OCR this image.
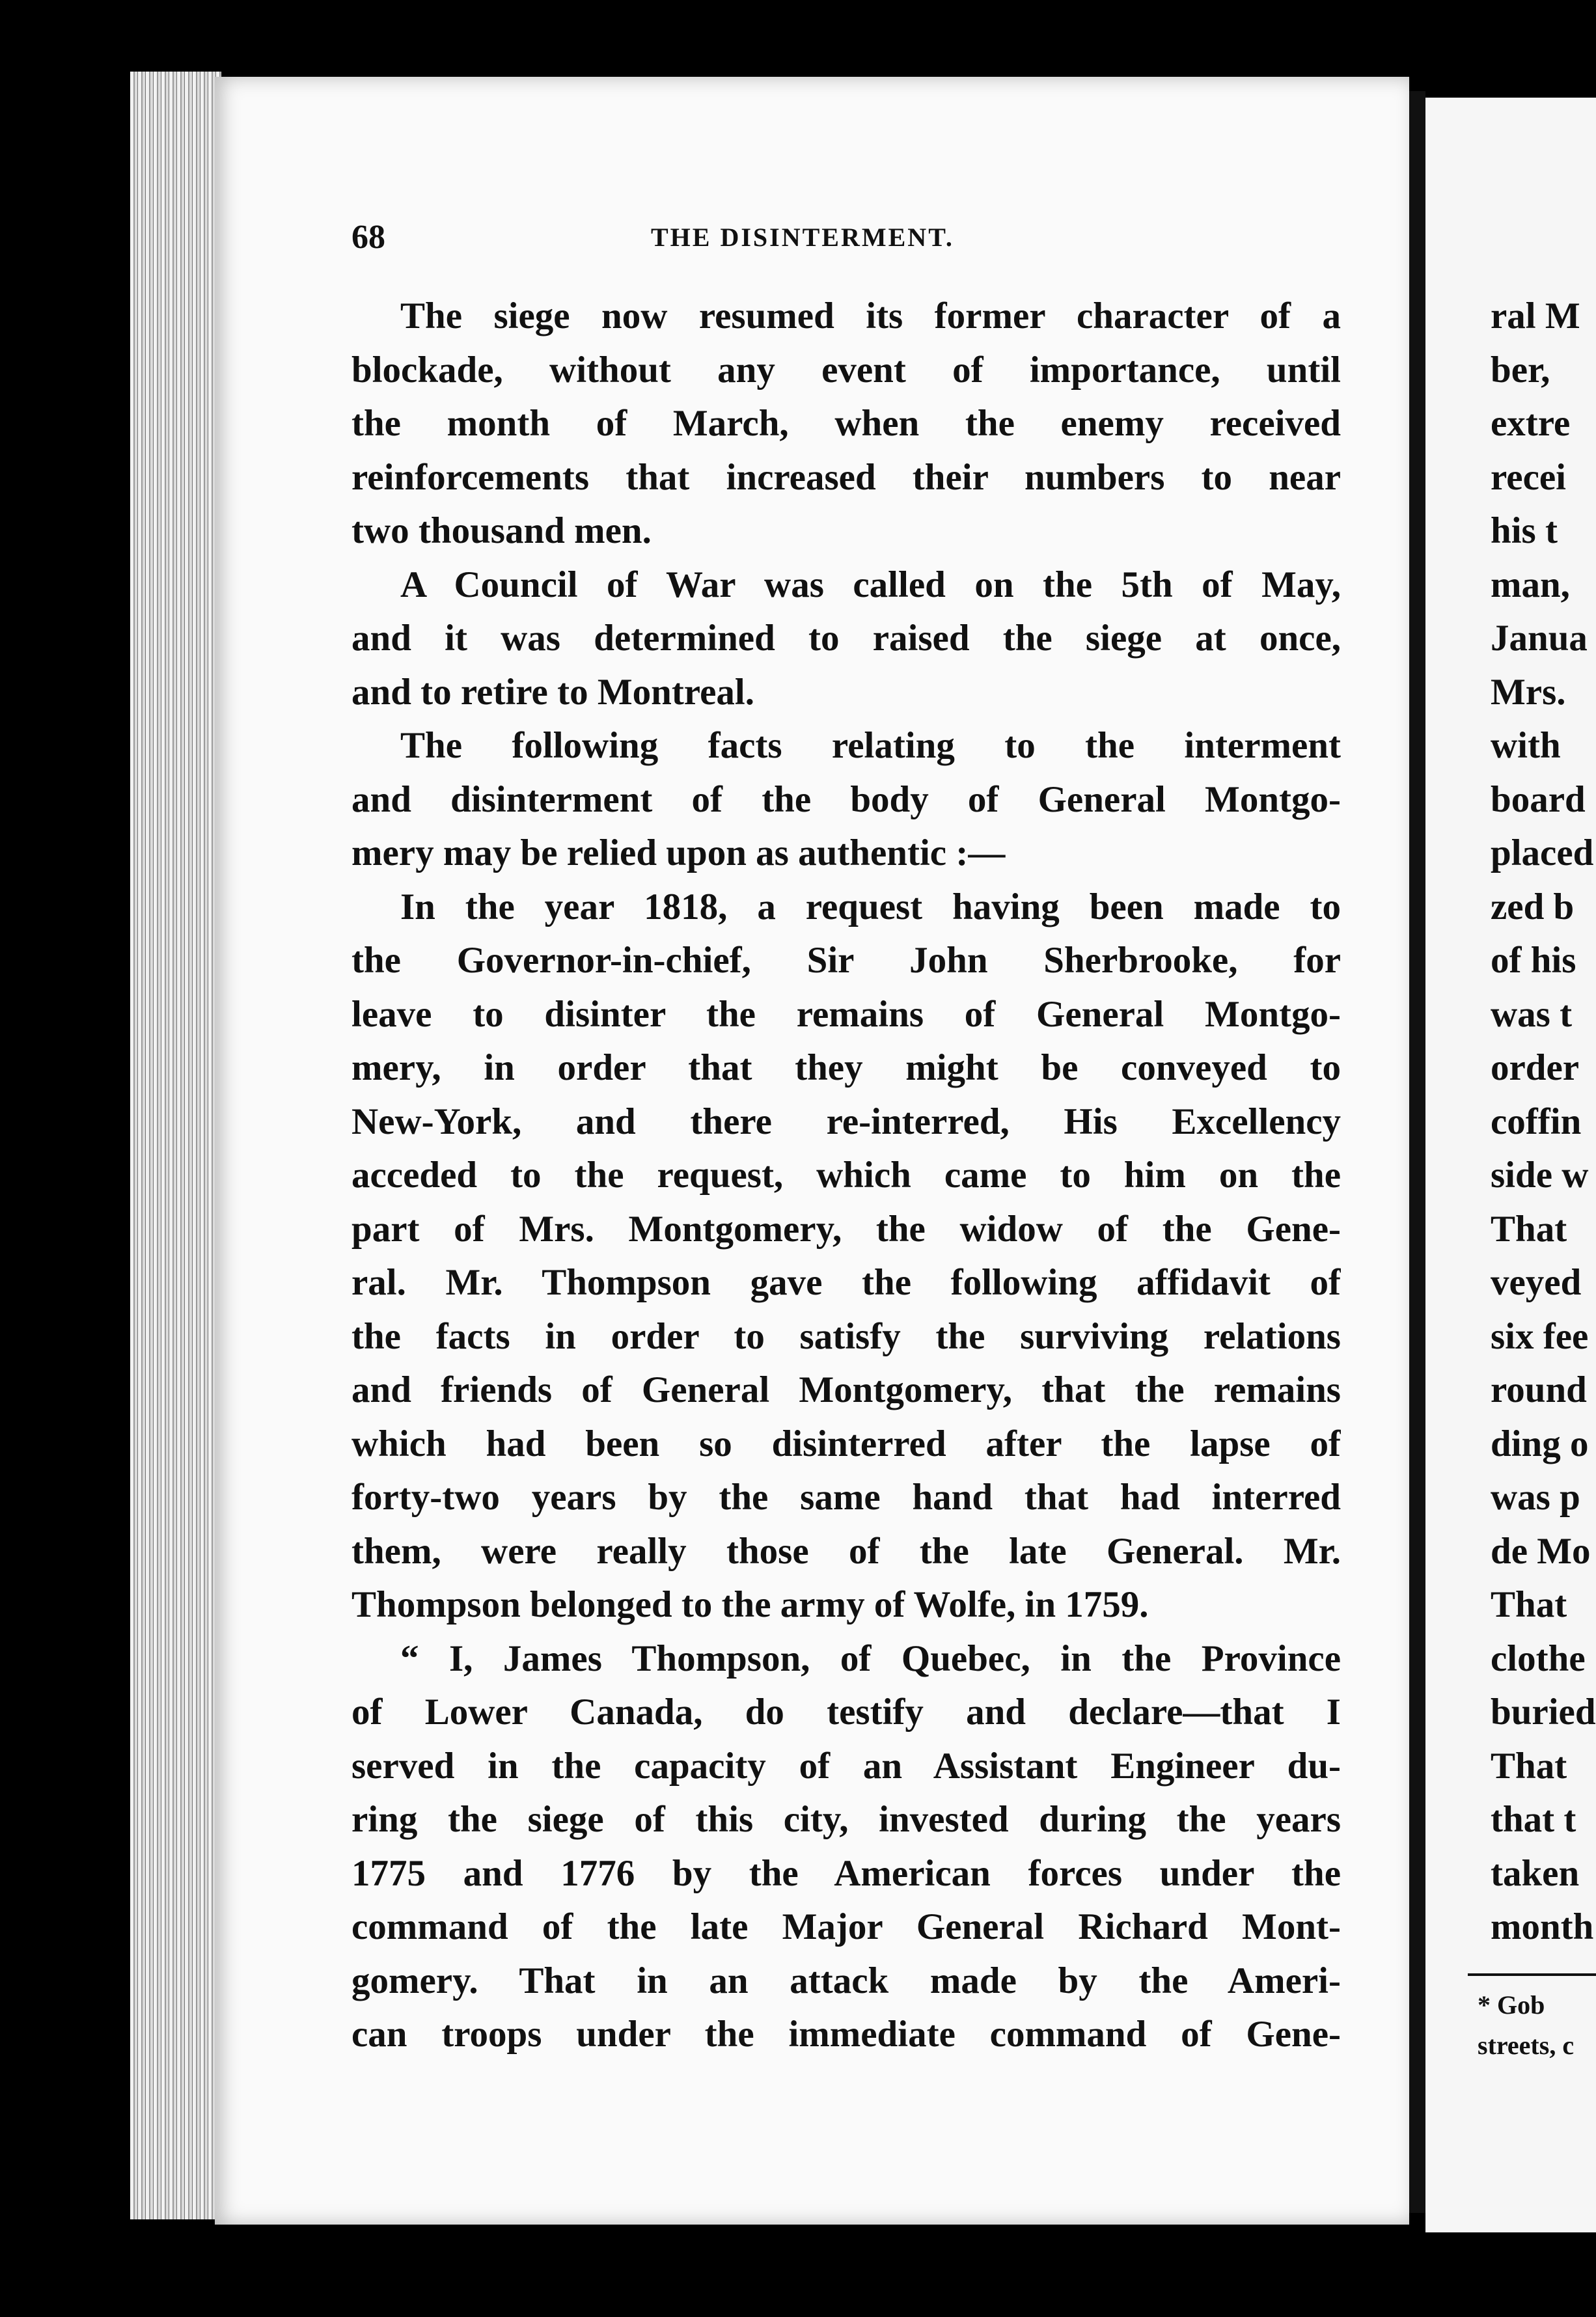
68	THE DISINTERMENT.
The siege now resumed its former character of a
blockade, without any event of importance, until
the month of March, when the enemy received
reinforcements that increased their numbers to near
two thousand men.
A Council of War was called on the 5th of May,
and it was determined to raised the siege at once,
and to retire to Montreal.
The following facts relating to the interment
and disinterment of the body of General Montgo-
mery may be relied upon as authentic :—
In the year 1818, a request having been made to
the Governor-in-chief, Sir John Sherbrooke, for
leave to disinter the remains of General Montgo-
mery, in order that they might be conveyed to
New-York, and there re-interred, His Excellency
acceded to the request, which came to him on the
part of Mrs. Montgomery, the widow of the Gene-
ral. Mr. Thompson gave the following affidavit of
the facts in order to satisfy the surviving relations
and friends of General Montgomery, that the remains
which had been so disinterred after the lapse of
forty-two years by the same hand that had interred
them, were really those of the late General. Mr.
Thompson belonged to the army of Wolfe, in 1759.
“ I, James Thompson, of Quebec, in the Province
of Lower Canada, do testify and declare—that I
served in the capacity of an Assistant Engineer du-
ring the siege of this city, invested during the years
1775 and 1776 by the American forces under the
command of the late Major General Richard Mont-
gomery. That in an attack made by the Ameri-
can troops under the immediate command of Gene-
ral M
ber,
extre
recei
his t
man,
Janua
Mrs.
with
board
placed
zed b
of his
was t
order
coffin
side w
That
veyed
six fee
round
ding o
was p
de Mo
That
clothe
buried
That
that t
taken
month
* Gob
streets, c
